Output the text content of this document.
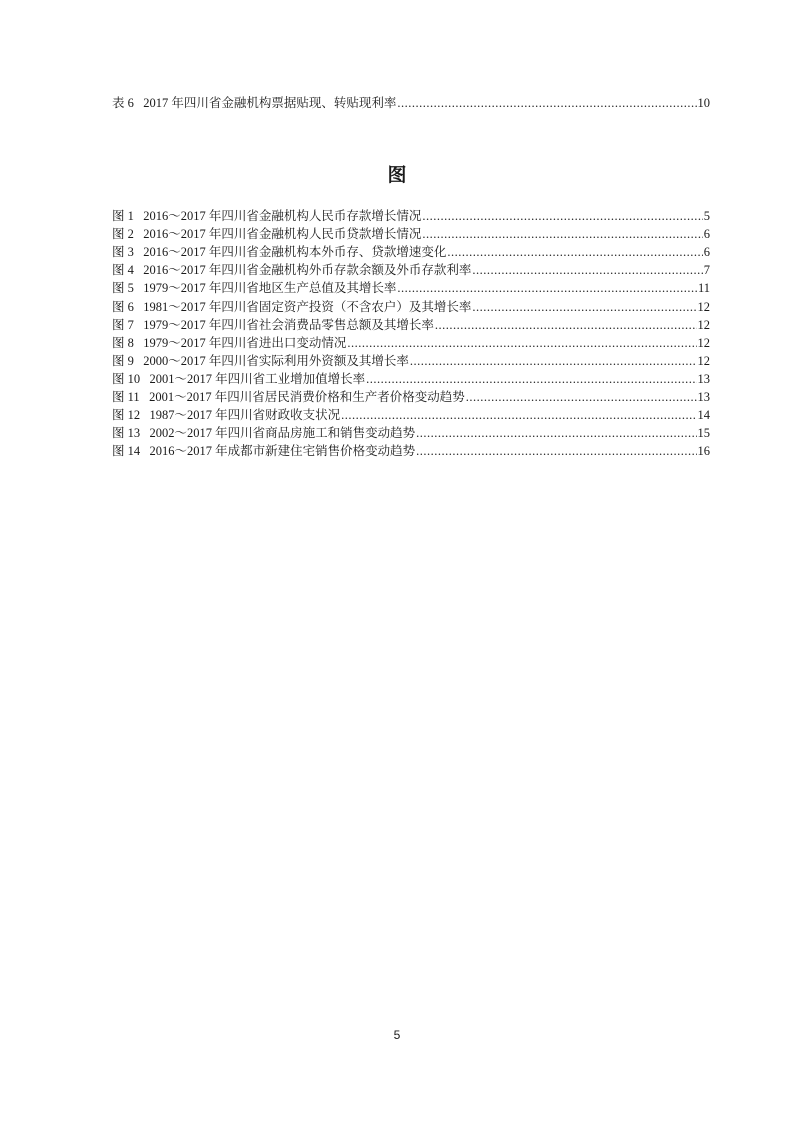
表 6 2017 年四川省金融机构票据贴现、转贴现利率 .....	10
图
图 1 2016～2017 年四川省金融机构人民币存款增长情况 .....	5
图 2 2016～2017 年四川省金融机构人民币贷款增长情况 .....	6
图 3 2016～2017 年四川省金融机构本外币存、贷款增速变化 .....	6
图 4 2016～2017 年四川省金融机构外币存款余额及外币存款利率 .....	7
图 5 1979～2017 年四川省地区生产总值及其增长率 .....	11
图 6 1981～2017 年四川省固定资产投资（不含农户）及其增长率 .....	12
图 7 1979～2017 年四川省社会消费品零售总额及其增长率 .....	12
图 8 1979～2017 年四川省进出口变动情况 .....	12
图 9 2000～2017 年四川省实际利用外资额及其增长率 .....	12
图 10 2001～2017 年四川省工业增加值增长率 .....	13
图 11 2001～2017 年四川省居民消费价格和生产者价格变动趋势 .....	13
图 12 1987～2017 年四川省财政收支状况 .....	14
图 13 2002～2017 年四川省商品房施工和销售变动趋势 .....	15
图 14 2016～2017 年成都市新建住宅销售价格变动趋势 .....	16
5
